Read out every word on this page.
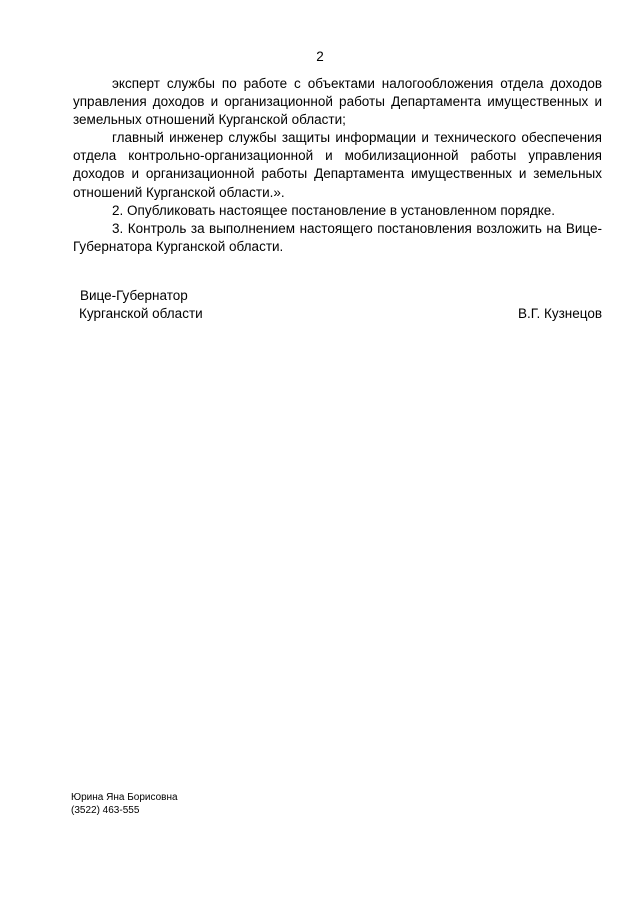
2

эксперт службы по работе с объектами налогообложения отдела доходов управления доходов и организационной работы Департамента имущественных и земельных отношений Курганской области;

главный инженер службы защиты информации и технического обеспечения отдела контрольно-организационной и мобилизационной работы управления доходов и организационной работы Департамента имущественных и земельных отношений Курганской области.».

2. Опубликовать настоящее постановление в установленном порядке.

3. Контроль за выполнением настоящего постановления возложить на Вице-Губернатора Курганской области.

Вице-Губернатор
Курганской области	В.Г. Кузнецов
Юрина Яна Борисовна
(3522) 463-555
